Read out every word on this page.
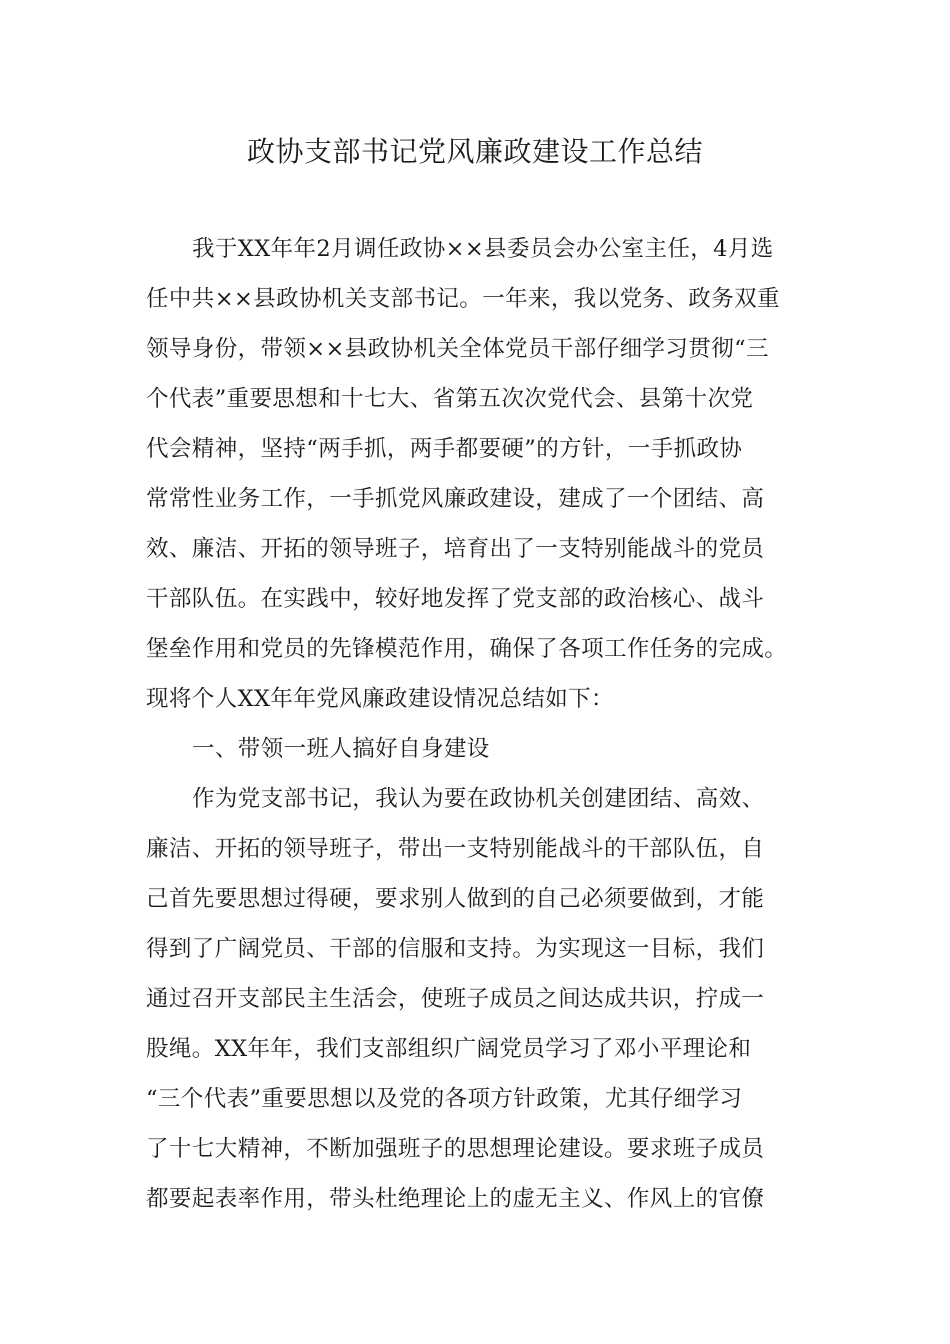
政协支部书记党风廉政建设工作总结
我于XX年年2月调任政协××县委员会办公室主任，4月选
任中共××县政协机关支部书记。一年来，我以党务、政务双重
领导身份，带领××县政协机关全体党员干部仔细学习贯彻“三
个代表”重要思想和十七大、省第五次次党代会、县第十次党
代会精神，坚持“两手抓，两手都要硬”的方针，一手抓政协
常常性业务工作，一手抓党风廉政建设，建成了一个团结、高
效、廉洁、开拓的领导班子，培育出了一支特别能战斗的党员
干部队伍。在实践中，较好地发挥了党支部的政治核心、战斗
堡垒作用和党员的先锋模范作用，确保了各项工作任务的完成。
现将个人XX年年党风廉政建设情况总结如下：
一、带领一班人搞好自身建设
作为党支部书记，我认为要在政协机关创建团结、高效、
廉洁、开拓的领导班子，带出一支特别能战斗的干部队伍，自
己首先要思想过得硬，要求别人做到的自己必须要做到，才能
得到了广阔党员、干部的信服和支持。为实现这一目标，我们
通过召开支部民主生活会，使班子成员之间达成共识，拧成一
股绳。XX年年，我们支部组织广阔党员学习了邓小平理论和
“三个代表”重要思想以及党的各项方针政策，尤其仔细学习
了十七大精神，不断加强班子的思想理论建设。要求班子成员
都要起表率作用，带头杜绝理论上的虚无主义、作风上的官僚
